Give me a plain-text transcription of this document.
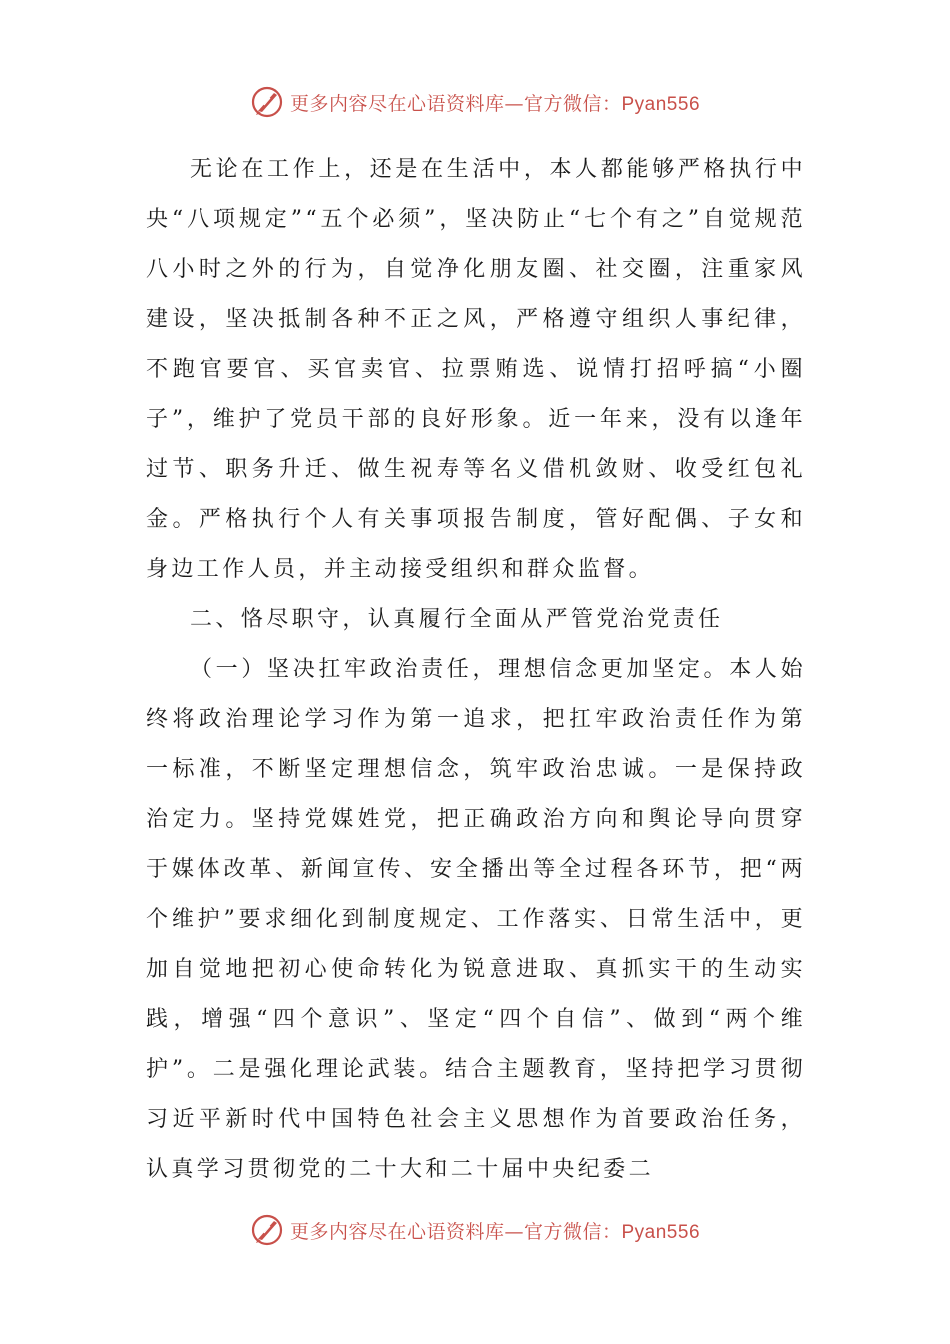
更多内容尽在心语资料库—官方微信：Pyan556

无论在工作上，还是在生活中，本人都能够严格执行中央“八项规定”“五个必须”，坚决防止“七个有之”自觉规范八小时之外的行为，自觉净化朋友圈、社交圈，注重家风建设，坚决抵制各种不正之风，严格遵守组织人事纪律，不跑官要官、买官卖官、拉票贿选、说情打招呼搞“小圈子”，维护了党员干部的良好形象。近一年来，没有以逢年过节、职务升迁、做生祝寿等名义借机敛财、收受红包礼金。严格执行个人有关事项报告制度，管好配偶、子女和身边工作人员，并主动接受组织和群众监督。

二、恪尽职守，认真履行全面从严管党治党责任

（一）坚决扛牢政治责任，理想信念更加坚定。本人始终将政治理论学习作为第一追求，把扛牢政治责任作为第一标准，不断坚定理想信念，筑牢政治忠诚。一是保持政治定力。坚持党媒姓党，把正确政治方向和舆论导向贯穿于媒体改革、新闻宣传、安全播出等全过程各环节，把“两个维护”要求细化到制度规定、工作落实、日常生活中，更加自觉地把初心使命转化为锐意进取、真抓实干的生动实践，增强“四个意识”、坚定“四个自信”、做到“两个维护”。二是强化理论武装。结合主题教育，坚持把学习贯彻习近平新时代中国特色社会主义思想作为首要政治任务，认真学习贯彻党的二十大和二十届中央纪委二

更多内容尽在心语资料库—官方微信：Pyan556
